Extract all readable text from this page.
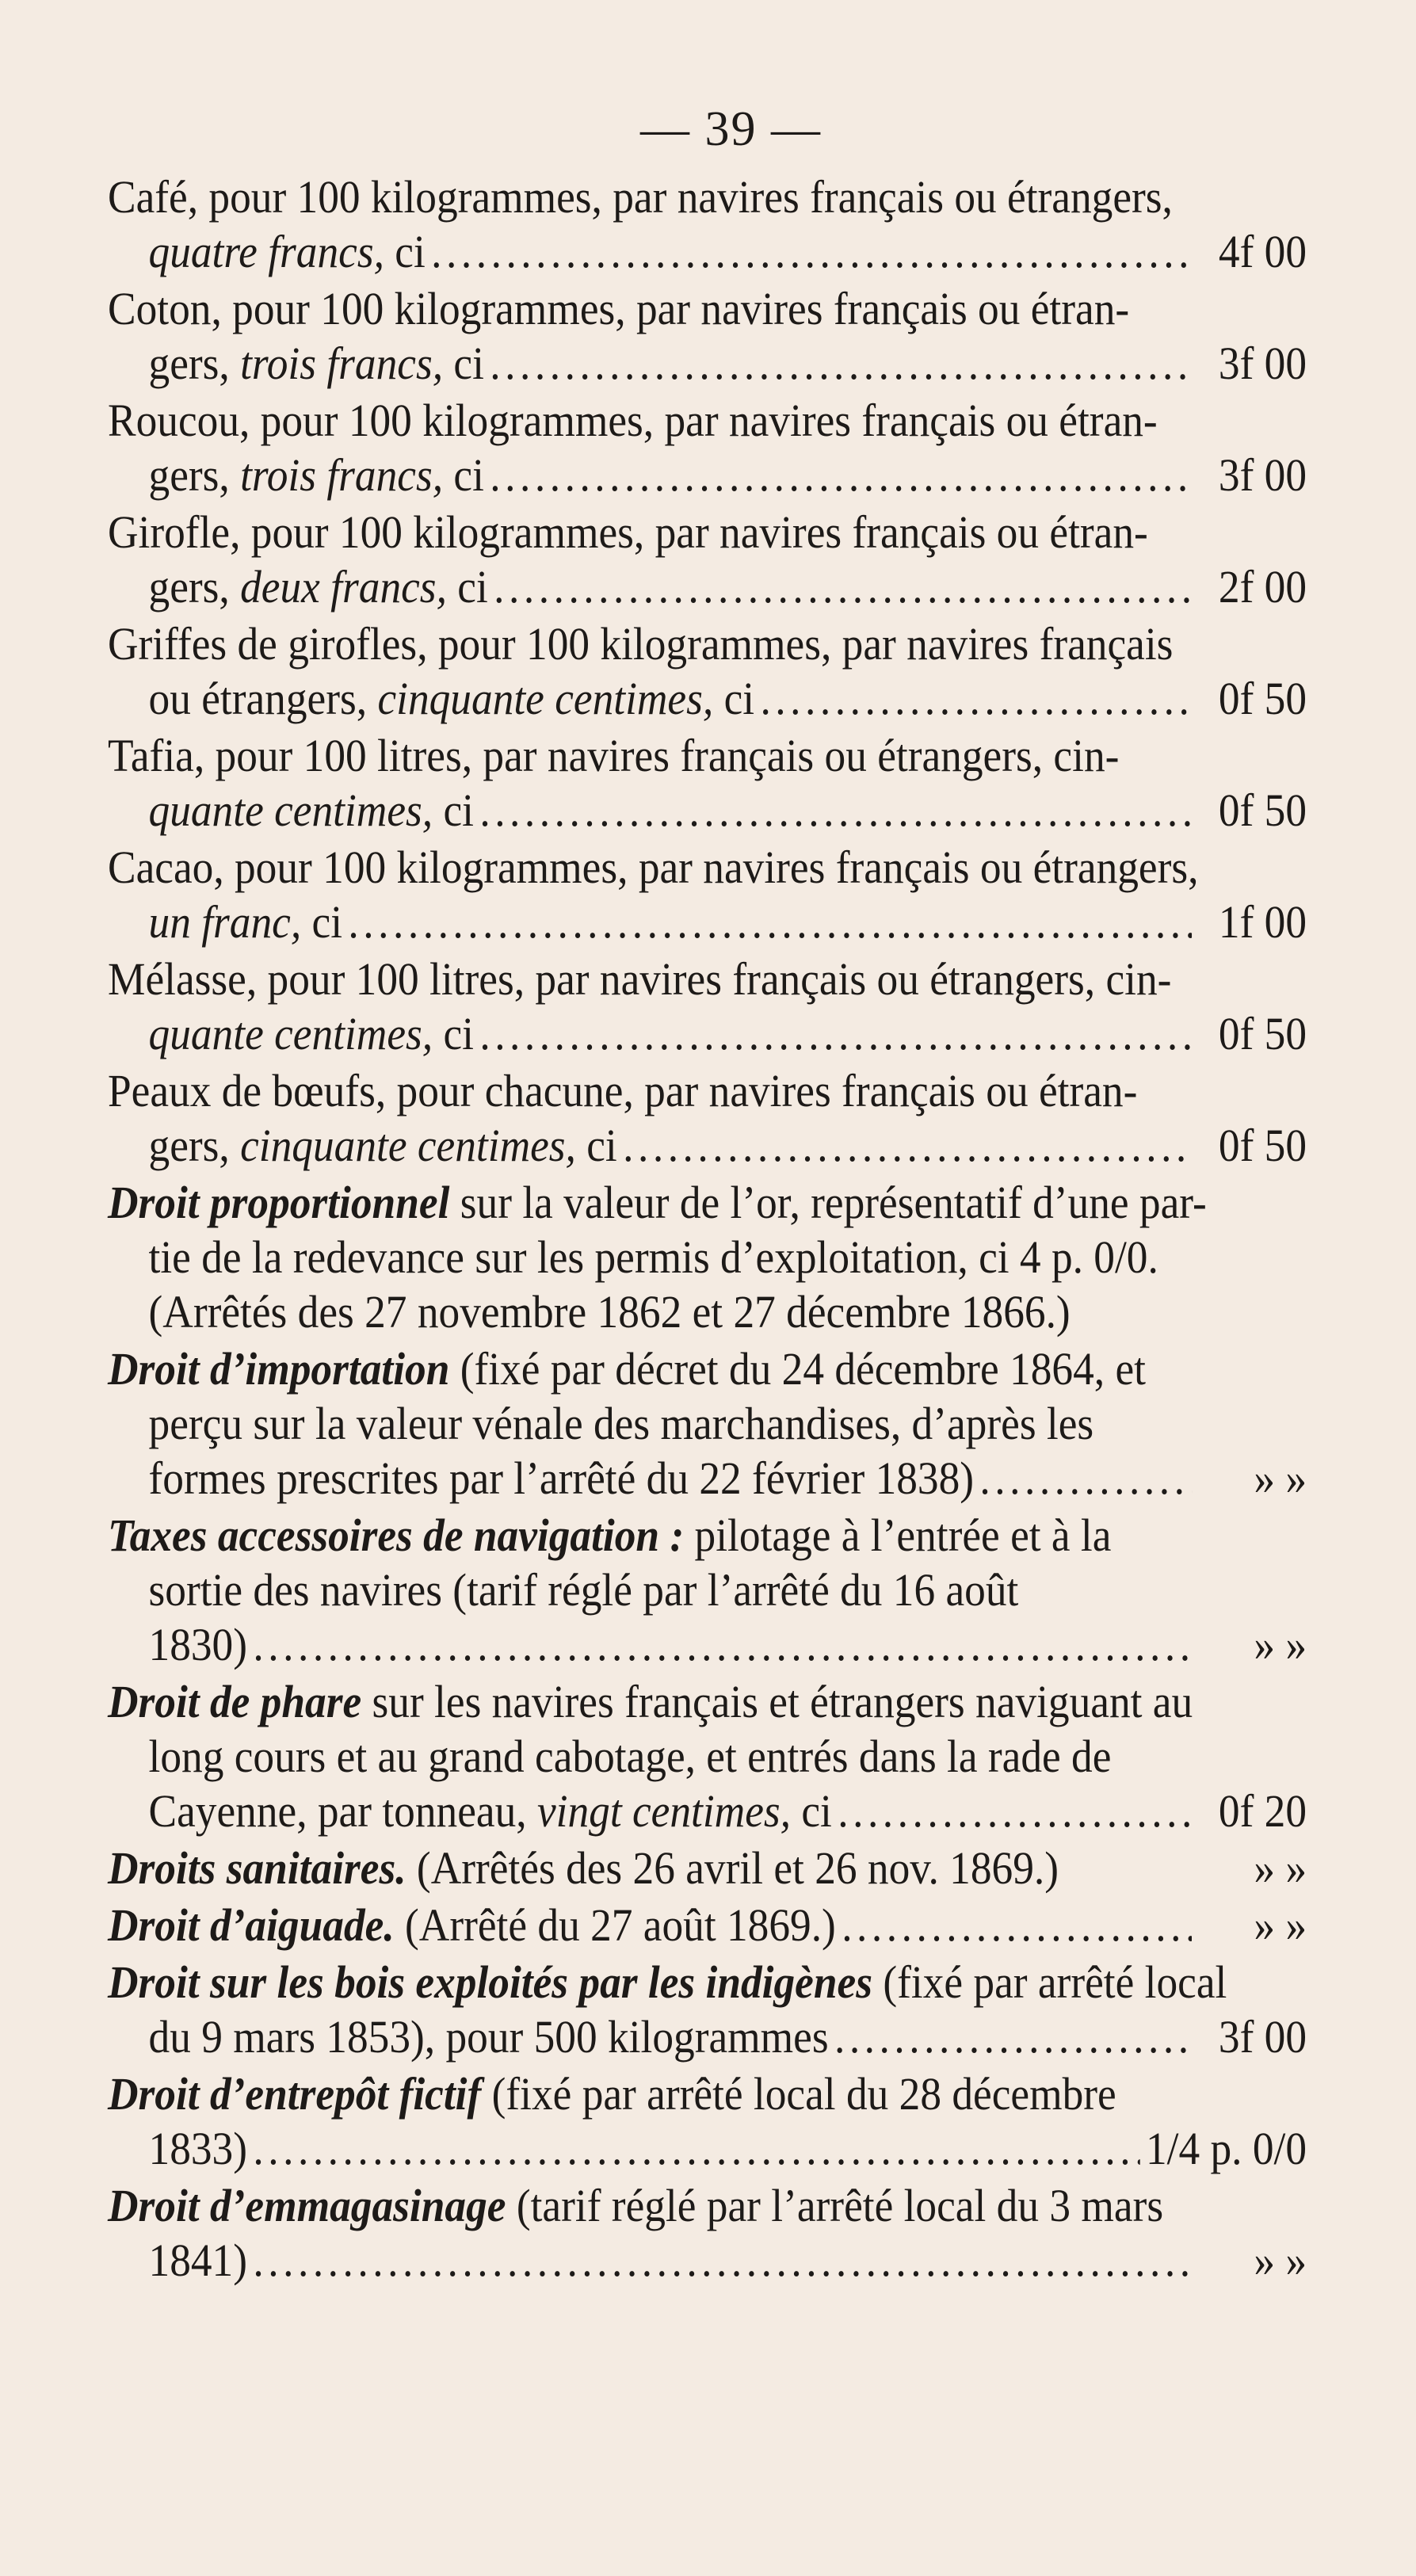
— 39 —
Café, pour 100 kilogrammes, par navires français ou étrangers,
quatre francs, ci .....	4f 00
Coton, pour 100 kilogrammes, par navires français ou étran-
gers, trois francs, ci .....	3f 00
Roucou, pour 100 kilogrammes, par navires français ou étran-
gers, trois francs, ci .....	3f 00
Girofle, pour 100 kilogrammes, par navires français ou étran-
gers, deux francs, ci .....	2f 00
Griffes de girofles, pour 100 kilogrammes, par navires français
ou étrangers, cinquante centimes, ci .....	0f 50
Tafia, pour 100 litres, par navires français ou étrangers, cin-
quante centimes, ci .....	0f 50
Cacao, pour 100 kilogrammes, par navires français ou étrangers,
un franc, ci .....	1f 00
Mélasse, pour 100 litres, par navires français ou étrangers, cin-
quante centimes, ci .....	0f 50
Peaux de bœufs, pour chacune, par navires français ou étran-
gers, cinquante centimes, ci .....	0f 50
Droit proportionnel sur la valeur de l’or, représentatif d’une par-
tie de la redevance sur les permis d’exploitation, ci 4 p. 0/0.
(Arrêtés des 27 novembre 1862 et 27 décembre 1866.)
Droit d’importation (fixé par décret du 24 décembre 1864, et
perçu sur la valeur vénale des marchandises, d’après les
formes prescrites par l’arrêté du 22 février 1838) .....	» »
Taxes accessoires de navigation : pilotage à l’entrée et à la
sortie des navires (tarif réglé par l’arrêté du 16 août
1830) .....	» »
Droit de phare sur les navires français et étrangers naviguant au
long cours et au grand cabotage, et entrés dans la rade de
Cayenne, par tonneau, vingt centimes, ci .....	0f 20
Droits sanitaires. (Arrêtés des 26 avril et 26 nov. 1869.)	» »
Droit d’aiguade. (Arrêté du 27 août 1869.) .....	» »
Droit sur les bois exploités par les indigènes (fixé par arrêté local
du 9 mars 1853), pour 500 kilogrammes .....	3f 00
Droit d’entrepôt fictif (fixé par arrêté local du 28 décembre
1833) .....	1/4 p. 0/0
Droit d’emmagasinage (tarif réglé par l’arrêté local du 3 mars
1841) .....	» »
